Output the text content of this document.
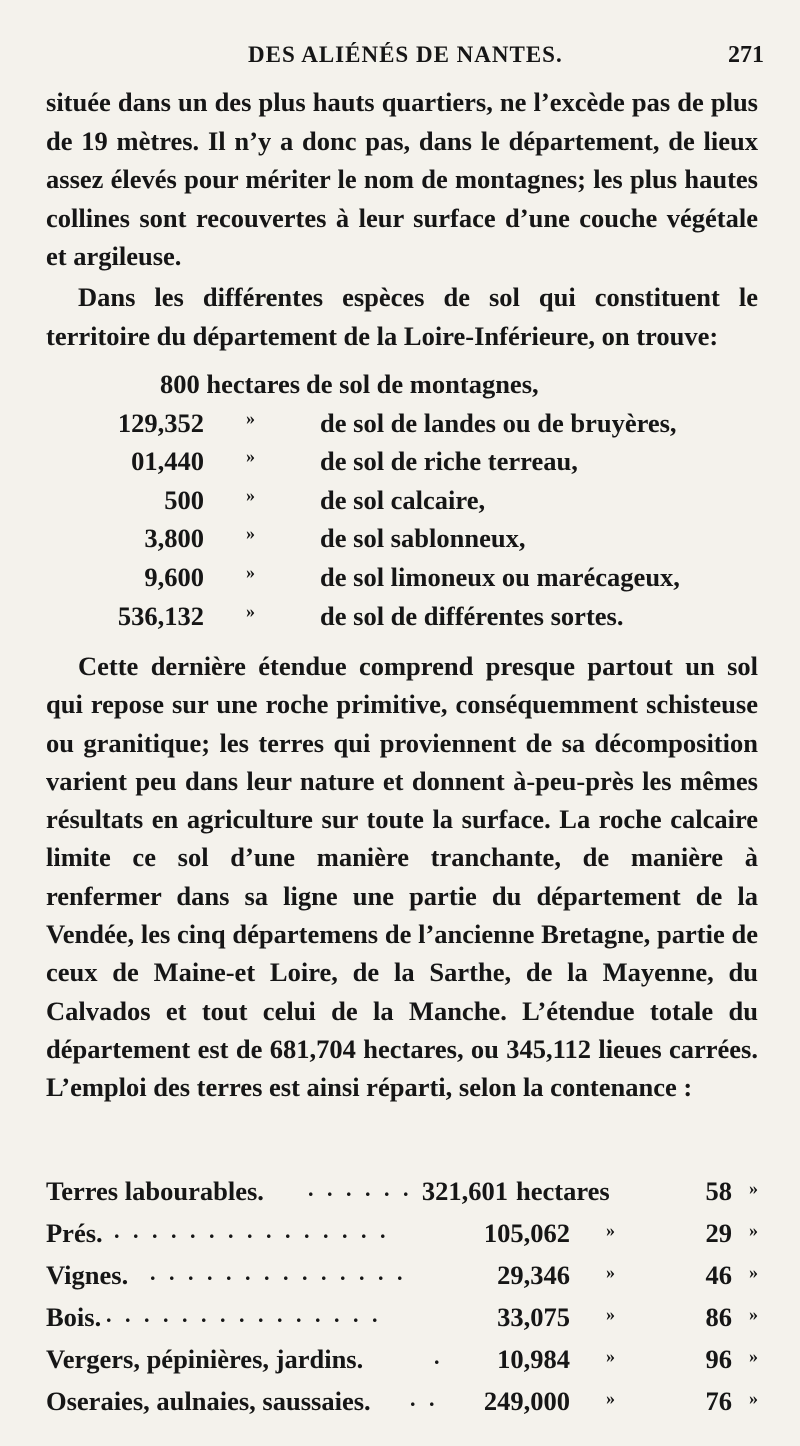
DES ALIÉNÉS DE NANTES.	271

située dans un des plus hauts quartiers, ne l’excède pas de plus de 19 mètres. Il n’y a donc pas, dans le département, de lieux assez élevés pour mériter le nom de montagnes; les plus hautes collines sont recouvertes à leur surface d’une couche végétale et argileuse.

Dans les différentes espèces de sol qui constituent le territoire du département de la Loire-Inférieure, on trouve:

800 hectares de sol de montagnes,
129,352 » de sol de landes ou de bruyères,
01,440 » de sol de riche terreau,
500 » de sol calcaire,
3,800 » de sol sablonneux,
9,600 » de sol limoneux ou marécageux,
536,132 » de sol de différentes sortes.

Cette dernière étendue comprend presque partout un sol qui repose sur une roche primitive, conséquemment schisteuse ou granitique; les terres qui proviennent de sa décomposition varient peu dans leur nature et donnent à-peu-près les mêmes résultats en agriculture sur toute la surface. La roche calcaire limite ce sol d’une manière tranchante, de manière à renfermer dans sa ligne une partie du département de la Vendée, les cinq départemens de l’ancienne Bretagne, partie de ceux de Maine-et Loire, de la Sarthe, de la Mayenne, du Calvados et tout celui de la Manche. L’étendue totale du département est de 681,704 hectares, ou 345,112 lieues carrées. L’emploi des terres est ainsi réparti, selon la contenance :

Terres labourables. . . . . . . 321,601 hectares	58 »
Prés. . . . . . . . . . . . . . . .	105,062 »	29 »
Vignes. . . . . . . . . . . . . . .	29,346 »	46 »
Bois. . . . . . . . . . . . . . . .	33,075 »	86 »
Vergers, pépinières, jardins.	. 10,984 »	96 »
Oseraies, aulnaies, saussaies. . . 249,000 »	76 »
